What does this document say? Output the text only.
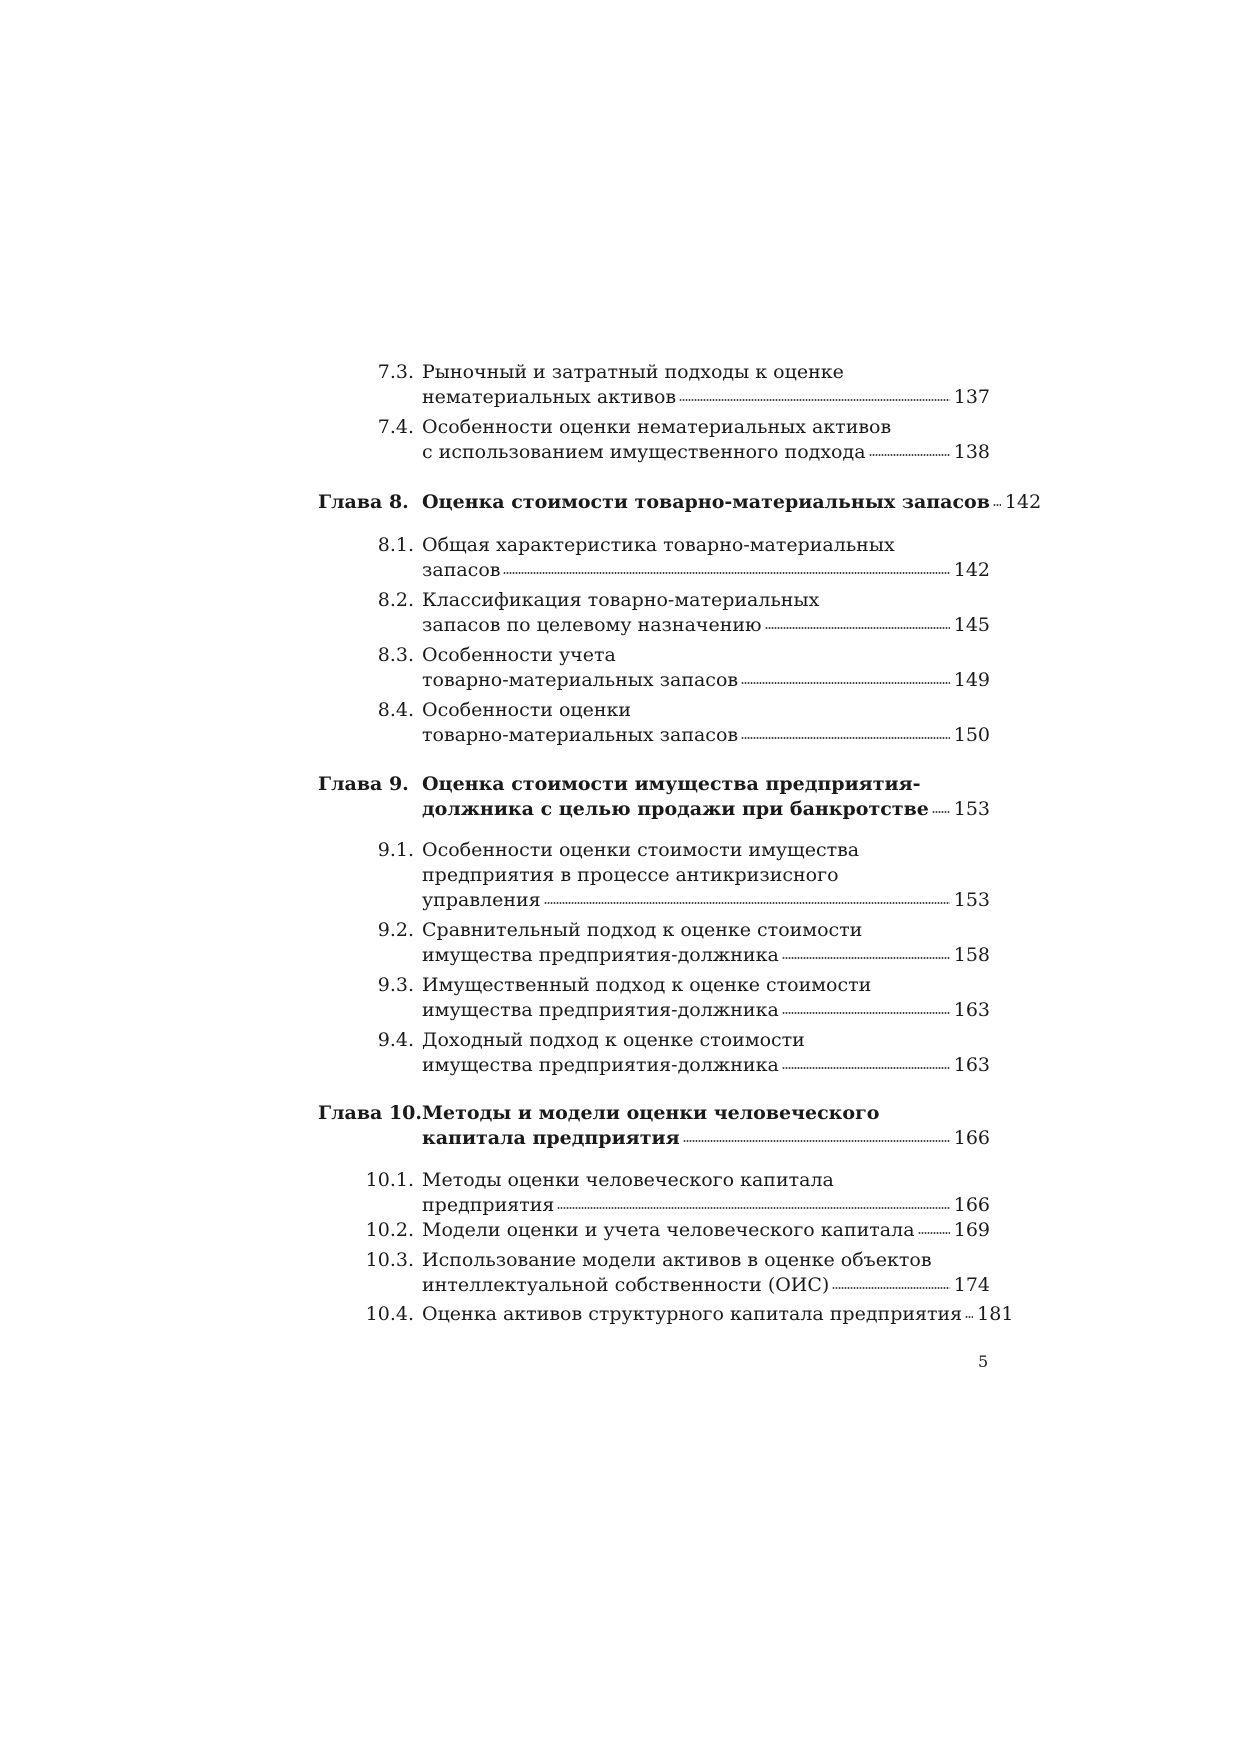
7.3. Рыночный и затратный подходы к оценке
нематериальных активов	137
7.4. Особенности оценки нематериальных активов
с использованием имущественного подхода	138
Глава 8. Оценка стоимости товарно-материальных запасов 142
8.1. Общая характеристика товарно-материальных
запасов	142
8.2. Классификация товарно-материальных
запасов по целевому назначению	145
8.3. Особенности учета
товарно-материальных запасов	149
8.4. Особенности оценки
товарно-материальных запасов	150
Глава 9. Оценка стоимости имущества предприятия-
должника с целью продажи при банкротстве 153
9.1. Особенности оценки стоимости имущества
предприятия в процессе антикризисного
управления	153
9.2. Сравнительный подход к оценке стоимости
имущества предприятия-должника	158
9.3. Имущественный подход к оценке стоимости
имущества предприятия-должника	163
9.4. Доходный подход к оценке стоимости
имущества предприятия-должника	163
Глава 10. Методы и модели оценки человеческого
капитала предприятия	166
10.1. Методы оценки человеческого капитала
предприятия	166
10.2. Модели оценки и учета человеческого капитала 169
10.3. Использование модели активов в оценке объектов
интеллектуальной собственности (ОИС)	174
10.4. Оценка активов структурного капитала предприятия 181
5
